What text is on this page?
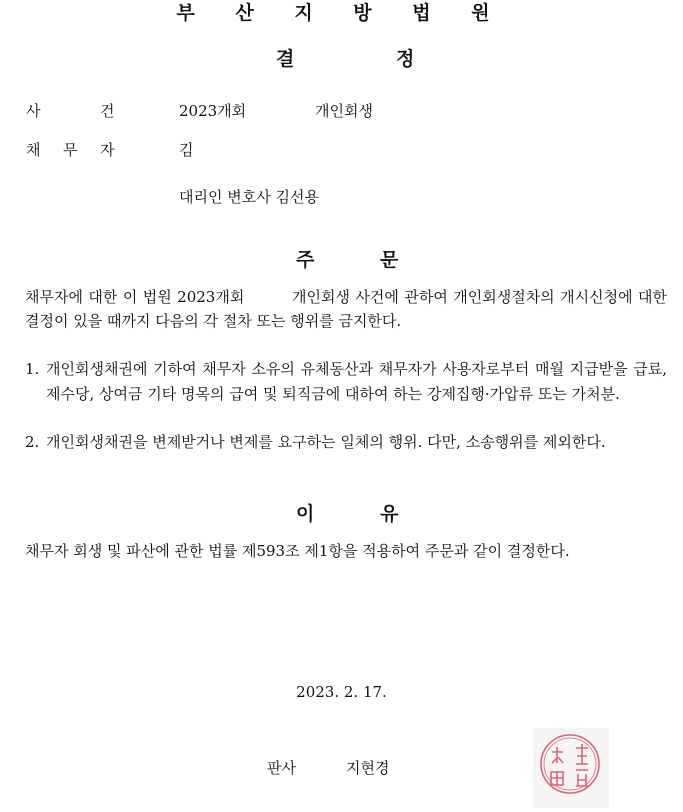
부 산 지 방 법 원
결	정
사	건	2023개회	개인회생
채 무 자	김
대리인 변호사 김선용
주	문
채무자에 대한 이 법원 2023개회　　　개인회생 사건에 관하여 개인회생절차의 개시신청에 대한 결정이 있을 때까지 다음의 각 절차 또는 행위를 금지한다.
1. 개인회생채권에 기하여 채무자 소유의 유체동산과 채무자가 사용자로부터 매월 지급받을 급료, 제수당, 상여금 기타 명목의 급여 및 퇴직금에 대하여 하는 강제집행·가압류 또는 가처분.
2. 개인회생채권을 변제받거나 변제를 요구하는 일체의 행위. 다만, 소송행위를 제외한다.
이	유
채무자 회생 및 파산에 관한 법률 제593조 제1항을 적용하여 주문과 같이 결정한다.
2023. 2. 17.
판사	지현경
